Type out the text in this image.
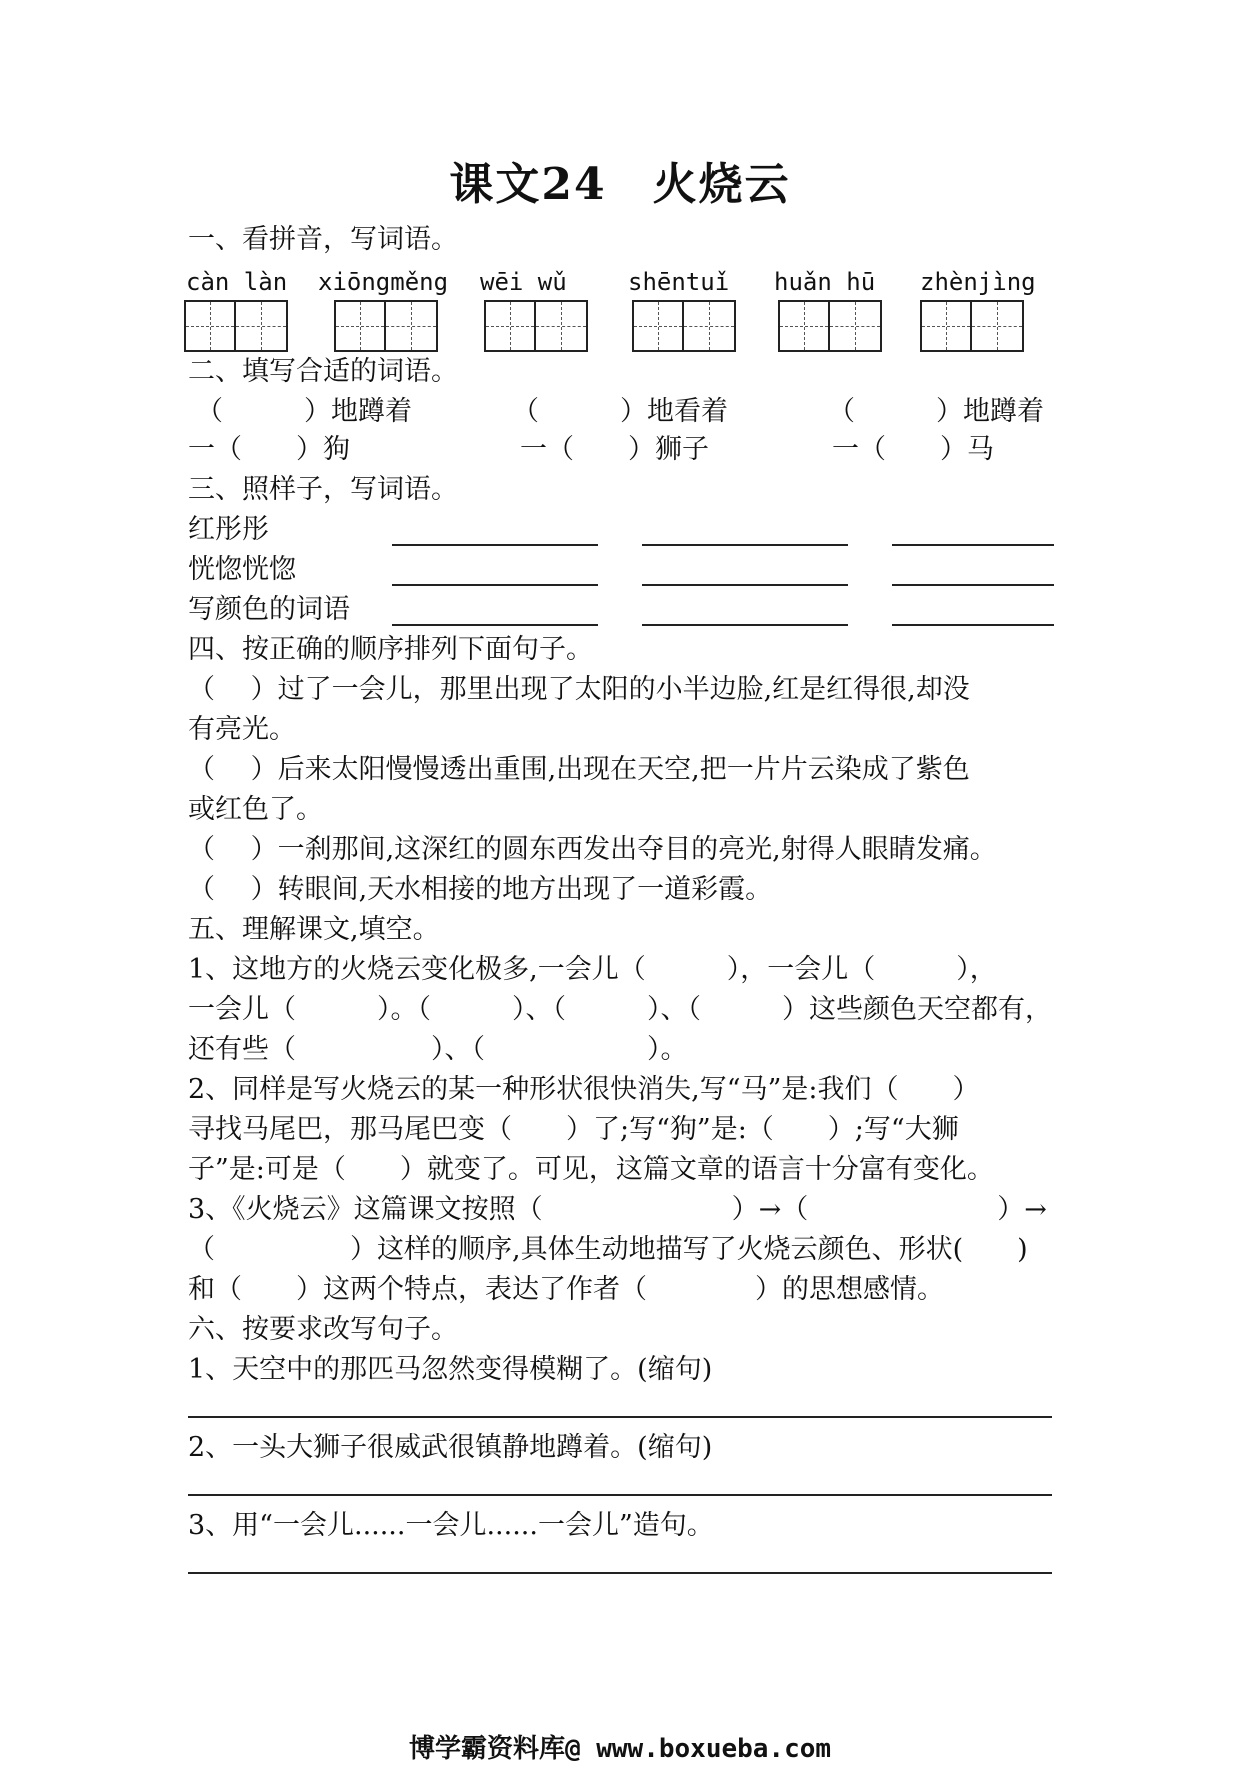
课文24　火烧云
一、看拼音，写词语。
càn làn xiōngměng wēi wǔ	shēntuǐ huǎn hū zhènjìng
二、填写合适的词语。
（　　　）地蹲着	（　　　）地看着	（　　　）地蹲着
一（　　）狗	一（　　）狮子	一（　　）马
三、照样子，写词语。
红彤彤
恍惚恍惚
写颜色的词语
四、按正确的顺序排列下面句子。
（　 ）过了一会儿，那里出现了太阳的小半边脸,红是红得很,却没
有亮光。
（　 ）后来太阳慢慢透出重围,出现在天空,把一片片云染成了紫色
或红色了。
（　 ）一刹那间,这深红的圆东西发出夺目的亮光,射得人眼睛发痛。
（　 ）转眼间,天水相接的地方出现了一道彩霞。
五、理解课文,填空。
1、这地方的火烧云变化极多,一会儿（　　　），一会儿（　　　），
一会儿（　　　）。（　　　）、（　　　）、（　　　）这些颜色天空都有，
还有些（　　　　　）、（　　　　　　）。
2、同样是写火烧云的某一种形状很快消失,写“马”是:我们（　　）
寻找马尾巴，那马尾巴变（　　）了;写“狗”是:（　　）;写“大狮
子”是:可是（　　）就变了。可见，这篇文章的语言十分富有变化。
3、《火烧云》这篇课文按照（　　　　　　　）→（　　　　　　　）→
（　　　　　）这样的顺序,具体生动地描写了火烧云颜色、形状(　　)
和（　　）这两个特点，表达了作者（　　　　）的思想感情。
六、按要求改写句子。
1、天空中的那匹马忽然变得模糊了。(缩句)
2、一头大狮子很威武很镇静地蹲着。(缩句)
3、用“一会儿......一会儿......一会儿”造句。
博学霸资料库@ www.boxueba.com
